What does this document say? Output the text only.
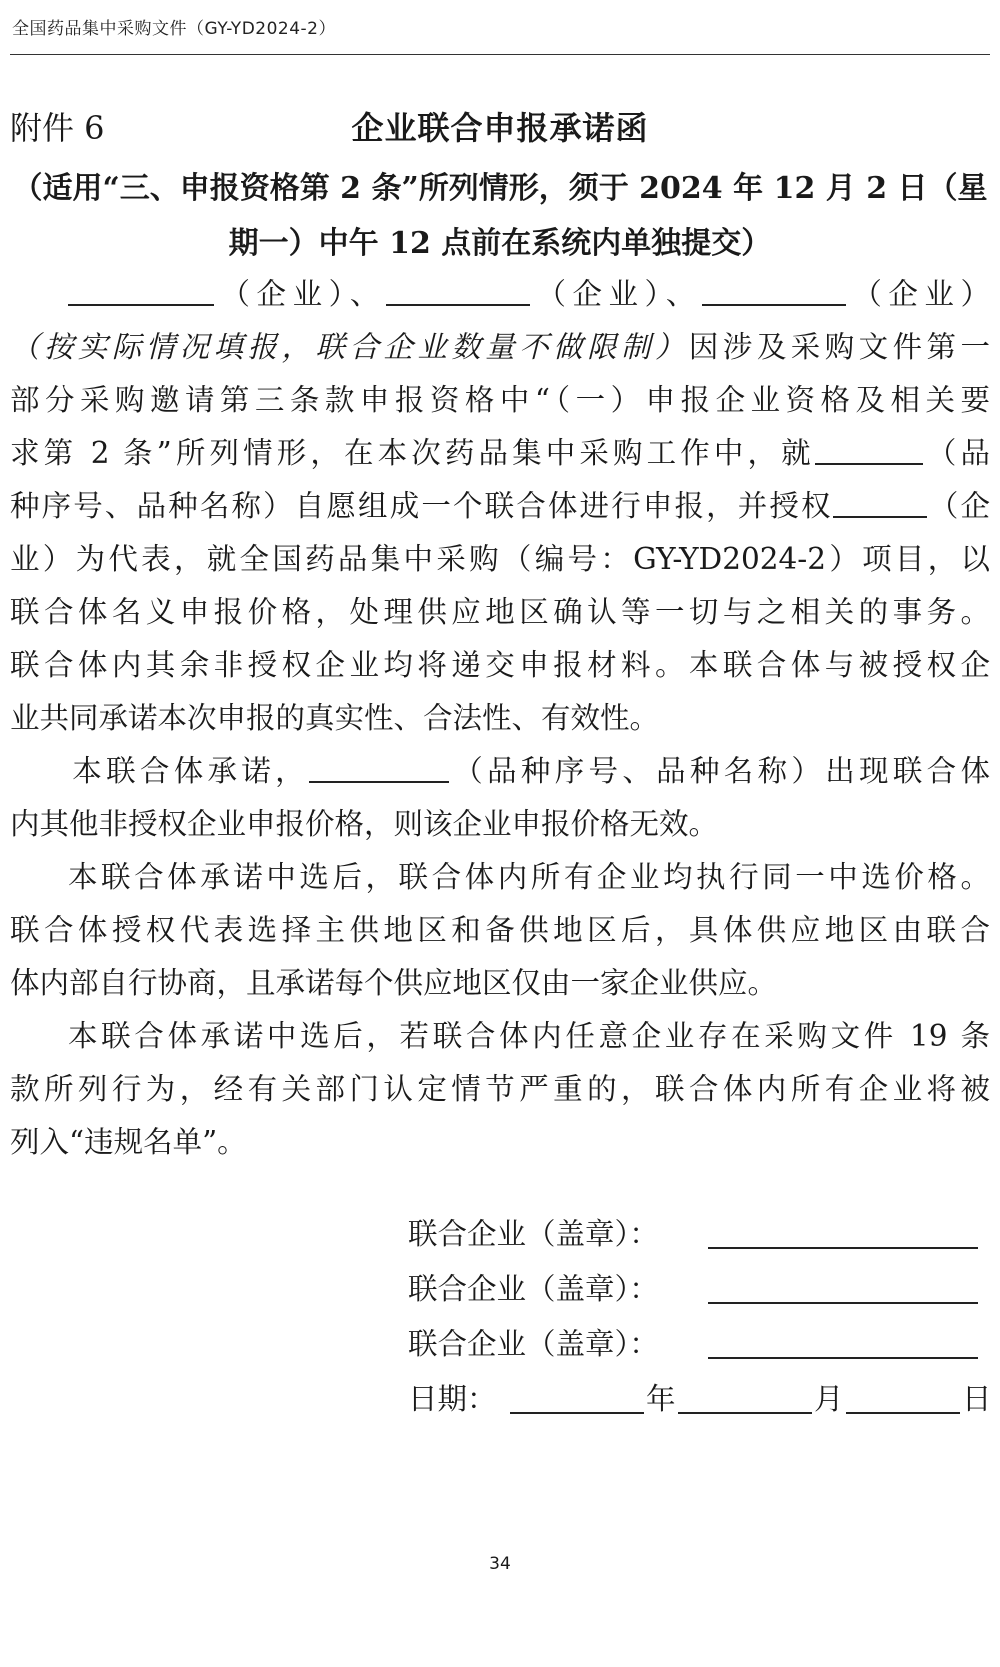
全国药品集中采购文件（GY-YD2024-2）
附件 6	企业联合申报承诺函
（适用“三、申报资格第 2 条”所列情形，须于 2024 年 12 月 2 日（星
期一）中午 12 点前在系统内单独提交）
（企业）、	（企业）、	（企业）
（按实际情况填报，联合企业数量不做限制）因涉及采购文件第一
部分采购邀请第三条款申报资格中“（一）申报企业资格及相关要
求第 2 条”所列情形，在本次药品集中采购工作中，就	（品
种序号、品种名称）自愿组成一个联合体进行申报，并授权	（企
业）为代表，就全国药品集中采购（编号：GY-YD2024-2）项目，以
联合体名义申报价格，处理供应地区确认等一切与之相关的事务。
联合体内其余非授权企业均将递交申报材料。本联合体与被授权企
业共同承诺本次申报的真实性、合法性、有效性。
本联合体承诺，	（品种序号、品种名称）出现联合体
内其他非授权企业申报价格，则该企业申报价格无效。
本联合体承诺中选后，联合体内所有企业均执行同一中选价格。
联合体授权代表选择主供地区和备供地区后，具体供应地区由联合
体内部自行协商，且承诺每个供应地区仅由一家企业供应。
本联合体承诺中选后，若联合体内任意企业存在采购文件 19 条
款所列行为，经有关部门认定情节严重的，联合体内所有企业将被
列入“违规名单”。
联合企业（盖章）：
联合企业（盖章）：
联合企业（盖章）：
日期：	年	月	日
34
